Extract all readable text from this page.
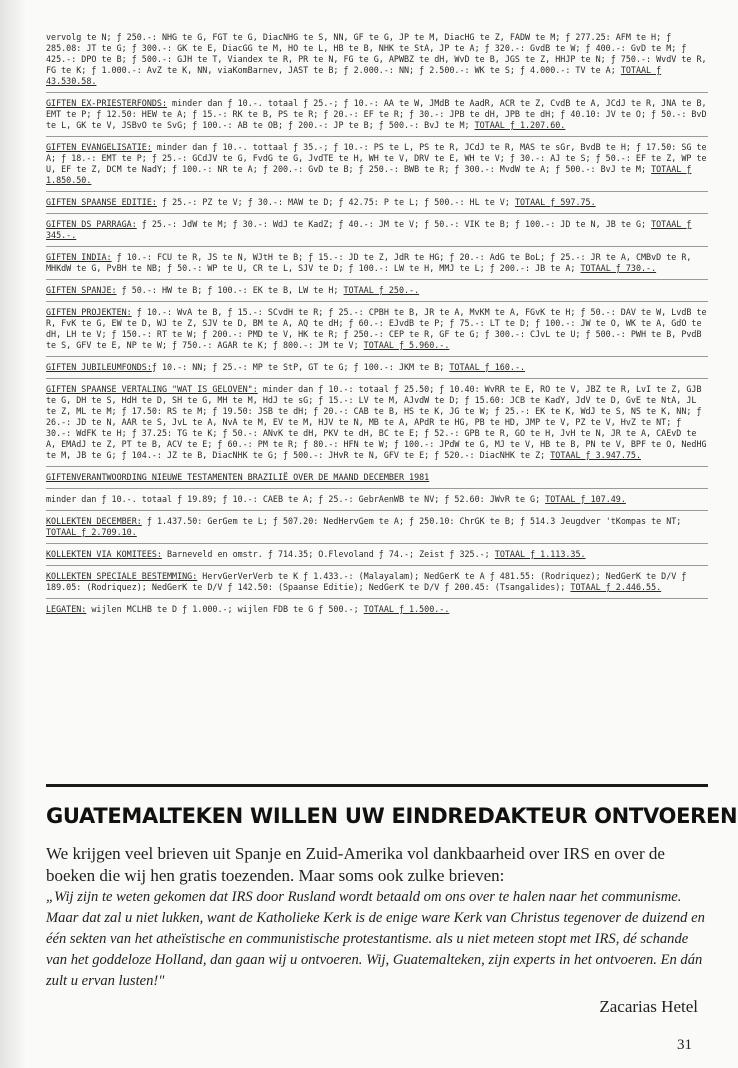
vervolg te N; ƒ 250.-: NHG te G, FGT te G, DiacNHG te S, NN, GF te G, JP te M, DiacHG te Z, FADW te M; ƒ 277.25: AFM te H; ƒ 285.08: JT te G; ƒ 300.-: GK te E, DiacGG te M, HO te L, HB te B, NHK te StA, JP te A; ƒ 320.-: GvdB te W; ƒ 400.-: GvD te M; ƒ 425.-: DPO te B; ƒ 500.-: GJH te T, Viandex te R, PR te N, FG te G, APWBZ te dH, WvD te B, JGS te Z, HHJP te N; ƒ 750.-: WvdV te R, FG te K; ƒ 1.000.-: AvZ te K, NN, viaKomBarnev, JAST te B; ƒ 2.000.-: NN; ƒ 2.500.-: WK te S; ƒ 4.000.-: TV te A; TOTAAL ƒ 43.530.58.

GIFTEN EX-PRIESTERFONDS: minder dan ƒ 10.-. totaal ƒ 25.-; ƒ 10.-: AA te W, JMdB te AadR, ACR te Z, CvdB te A, JCdJ te R, JNA te B, EMT te P; ƒ 12.50: HEW te A; ƒ 15.-: RK te B, PS te R; ƒ 20.-: EF te R; ƒ 30.-: JPB te dH, JPB te dH; ƒ 40.10: JV te O; ƒ 50.-: BvD te L, GK te V, JSBvO te SvG; ƒ 100.-: AB te OB; ƒ 200.-: JP te B; ƒ 500.-: BvJ te M; TOTAAL ƒ 1.207.60.

GIFTEN EVANGELISATIE: minder dan ƒ 10.-. tottaal ƒ 35.-; ƒ 10.-: PS te L, PS te R, JCdJ te R, MAS te sGr, BvdB te H; ƒ 17.50: SG te A; ƒ 18.-: EMT te P; ƒ 25.-: GCdJV te G, FvdG te G, JvdTE te H, WH te V, DRV te E, WH te V; ƒ 30.-: AJ te S; ƒ 50.-: EF te Z, WP te U, EF te Z, DCM te NadY; ƒ 100.-: NR te A; ƒ 200.-: GvD te B; ƒ 250.-: BWB te R; ƒ 300.-: MvdW te A; ƒ 500.-: BvJ te M; TOTAAL ƒ 1.850.50.

GIFTEN SPAANSE EDITIE: ƒ 25.-: PZ te V; ƒ 30.-: MAW te D; ƒ 42.75: P te L; ƒ 500.-: HL te V; TOTAAL ƒ 597.75.

GIFTEN DS PARRAGA: ƒ 25.-: JdW te M; ƒ 30.-: WdJ te KadZ; ƒ 40.-: JM te V; ƒ 50.-: VIK te B; ƒ 100.-: JD te N, JB te G; TOTAAL ƒ 345.-.

GIFTEN INDIA: ƒ 10.-: FCU te R, JS te N, WJtH te B; ƒ 15.-: JD te Z, JdR te HG; ƒ 20.-: AdG te BoL; ƒ 25.-: JR te A, CMBvD te R, MHKdW te G, PvBH te NB; ƒ 50.-: WP te U, CR te L, SJV te D; ƒ 100.-: LW te H, MMJ te L; ƒ 200.-: JB te A; TOTAAL ƒ 730.-.

GIFTEN SPANJE: ƒ 50.-: HW te B; ƒ 100.-: EK te B, LW te H; TOTAAL ƒ 250.-.

GIFTEN PROJEKTEN: ƒ 10.-: WvA te B, ƒ 15.-: SCvdH te R; ƒ 25.-: CPBH te B, JR te A, MvKM te A, FGvK te H; ƒ 50.-: DAV te W, LvdB te R, FvK te G, EW te D, WJ te Z, SJV te D, BM te A, AQ te dH; ƒ 60.-: EJvdB te P; ƒ 75.-: LT te D; ƒ 100.-: JW te O, WK te A, GdO te dH, LH te V; ƒ 150.-: RT te W; ƒ 200.-: PMD te V, HK te R; ƒ 250.-: CEP te R, GF te G; ƒ 300.-: CJvL te U; ƒ 500.-: PWH te B, PvdB te S, GFV te E, NP te W; ƒ 750.-: AGAR te K; ƒ 800.-: JM te V; TOTAAL ƒ 5.960.-.

GIFTEN JUBILEUMFONDS:ƒ 10.-: NN; ƒ 25.-: MP te StP, GT te G; ƒ 100.-: JKM te B; TOTAAL ƒ 160.-.

GIFTEN SPAANSE VERTALING "WAT IS GELOVEN": minder dan ƒ 10.-: totaal ƒ 25.50; ƒ 10.40: WvRR te E, RO te V, JBZ te R, LvI te Z, GJB te G, DH te S, HdH te D, SH te G, MH te M, HdJ te sG; ƒ 15.-: LV te M, AJvdW te D; ƒ 15.60: JCB te KadY, JdV te D, GvE te NtA, JL te Z, ML te M; ƒ 17.50: RS te M; ƒ 19.50: JSB te dH; ƒ 20.-: CAB te B, HS te K, JG te W; ƒ 25.-: EK te K, WdJ te S, NS te K, NN; ƒ 26.-: JD te N, AAR te S, JvL te A, NvA te M, EV te M, HJV te N, MB te A, APdR te HG, PB te HD, JMP te V, PZ te V, HvZ te NT; ƒ 30.-: WdFK te H; ƒ 37.25: TG te K; ƒ 50.-: ANvK te dH, PKV te dH, BC te E; ƒ 52.-: GPB te R, GO te H, JvH te N, JR te A, CAEvD te A, EMAdJ te Z, PT te B, ACV te E; ƒ 60.-: PM te R; ƒ 80.-: HFN te W; ƒ 100.-: JPdW te G, MJ te V, HB te B, PN te V, BPF te O, NedHG te M, JB te G; ƒ 104.-: JZ te B, DiacNHK te G; ƒ 500.-: JHvR te N, GFV te E; ƒ 520.-: DiacNHK te Z; TOTAAL ƒ 3.947.75.

GIFTENVERANTWOORDING NIEUWE TESTAMENTEN BRAZILIË OVER DE MAAND DECEMBER 1981

minder dan ƒ 10.-. totaal ƒ 19.89; ƒ 10.-: CAEB te A; ƒ 25.-: GebrAenWB te NV; ƒ 52.60: JWvR te G; TOTAAL ƒ 107.49.

KOLLEKTEN DECEMBER: ƒ 1.437.50: GerGem te L; ƒ 507.20: NedHervGem te A; ƒ 250.10: ChrGK te B; ƒ 514.3 Jeugdver 'tKompas te NT; TOTAAL ƒ 2.709.10.

KOLLEKTEN VIA KOMITEES: Barneveld en omstr. ƒ 714.35; O.Flevoland ƒ 74.-; Zeist ƒ 325.-; TOTAAL ƒ 1.113.35.

KOLLEKTEN SPECIALE BESTEMMING: HervGerVerVerb te K ƒ 1.433.-: (Malayalam); NedGerK te A ƒ 481.55: (Rodriquez); NedGerK te D/V ƒ 189.05: (Rodriquez); NedGerK te D/V ƒ 142.50: (Spaanse Editie); NedGerK te D/V ƒ 200.45: (Tsangalides); TOTAAL ƒ 2.446.55.

LEGATEN: wijlen MCLHB te D ƒ 1.000.-; wijlen FDB te G ƒ 500.-; TOTAAL ƒ 1.500.-.

GUATEMALTEKEN WILLEN UW EINDREDAKTEUR ONTVOEREN
We krijgen veel brieven uit Spanje en Zuid-Amerika vol dankbaarheid over IRS en over de boeken die wij hen gratis toezenden. Maar soms ook zulke brieven:
„Wij zijn te weten gekomen dat IRS door Rusland wordt betaald om ons over te halen naar het communisme. Maar dat zal u niet lukken, want de Katholieke Kerk is de enige ware Kerk van Christus tegenover de duizend en één sekten van het atheïstische en communistische protestantisme. als u niet meteen stopt met IRS, dé schande van het goddeloze Holland, dan gaan wij u ontvoeren. Wij, Guatemalteken, zijn experts in het ontvoeren. En dán zult u ervan lusten!"
Zacarias Hetel
31
